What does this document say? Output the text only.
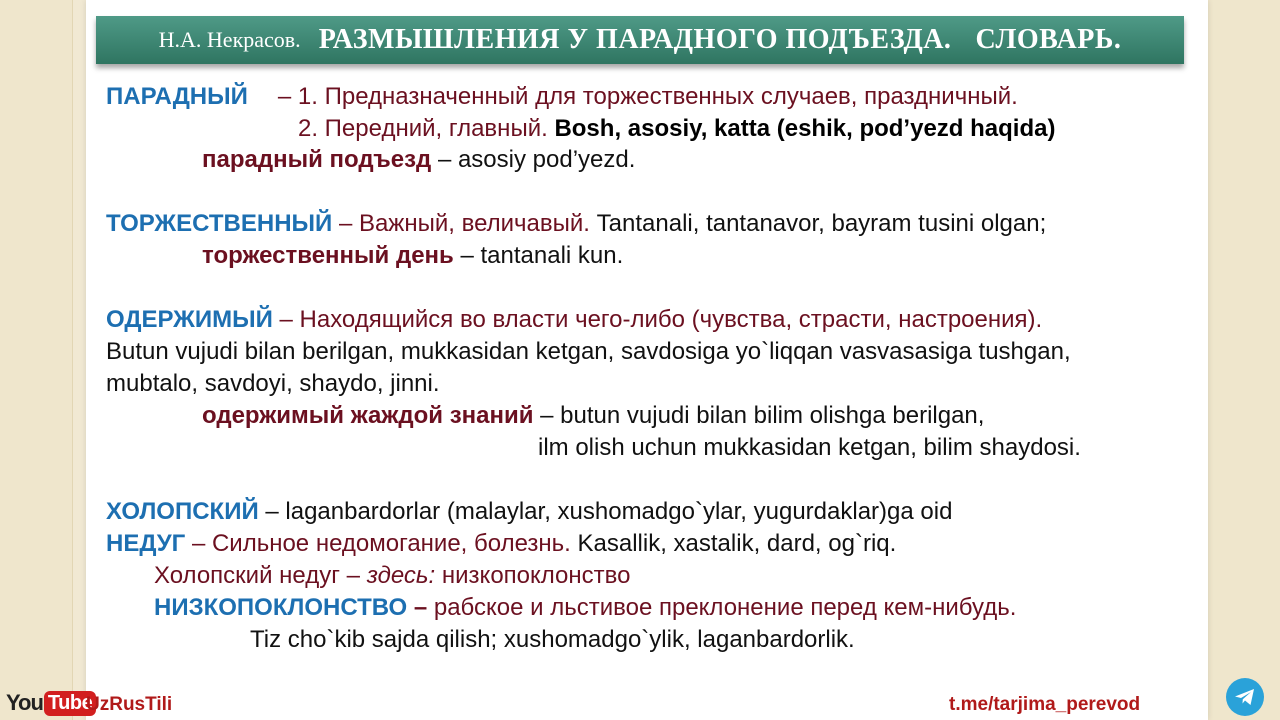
Н.А. Некрасов. РАЗМЫШЛЕНИЯ У ПАРАДНОГО ПОДЪЕЗДА. СЛОВАРЬ.
ПАРАДНЫЙ – 1. Предназначенный для торжественных случаев, праздничный.
2. Передний, главный. Bosh, asosiy, katta (eshik, pod’yezd haqida)
парадный подъезд – asosiy pod’yezd.
ТОРЖЕСТВЕННЫЙ – Важный, величавый. Tantanali, tantanavor, bayram tusini olgan;
торжественный день – tantanali kun.
ОДЕРЖИМЫЙ – Находящийся во власти чего-либо (чувства, страсти, настроения).
Butun vujudi bilan berilgan, mukkasidan ketgan, savdosiga yo`liqqan vasvasasiga tushgan,
mubtalo, savdoyi, shaydo, jinni.
одержимый жаждой знаний – butun vujudi bilan bilim olishga berilgan,
ilm olish uchun mukkasidan ketgan, bilim shaydosi.
ХОЛОПСКИЙ – laganbardorlar (malaylar, xushomadgo`ylar, yugurdaklar)ga oid
НЕДУГ – Сильное недомогание, болезнь. Kasallik, xastalik, dard, og`riq.
Холопский недуг – здесь: низкопоклонство
НИЗКОПОКЛОНСТВО – рабское и льстивое преклонение перед кем-нибудь.
Tiz cho`kib sajda qilish; xushomadgo`ylik, laganbardorlik.
You Tube
UzRusTili	t.me/tarjima_perevod
